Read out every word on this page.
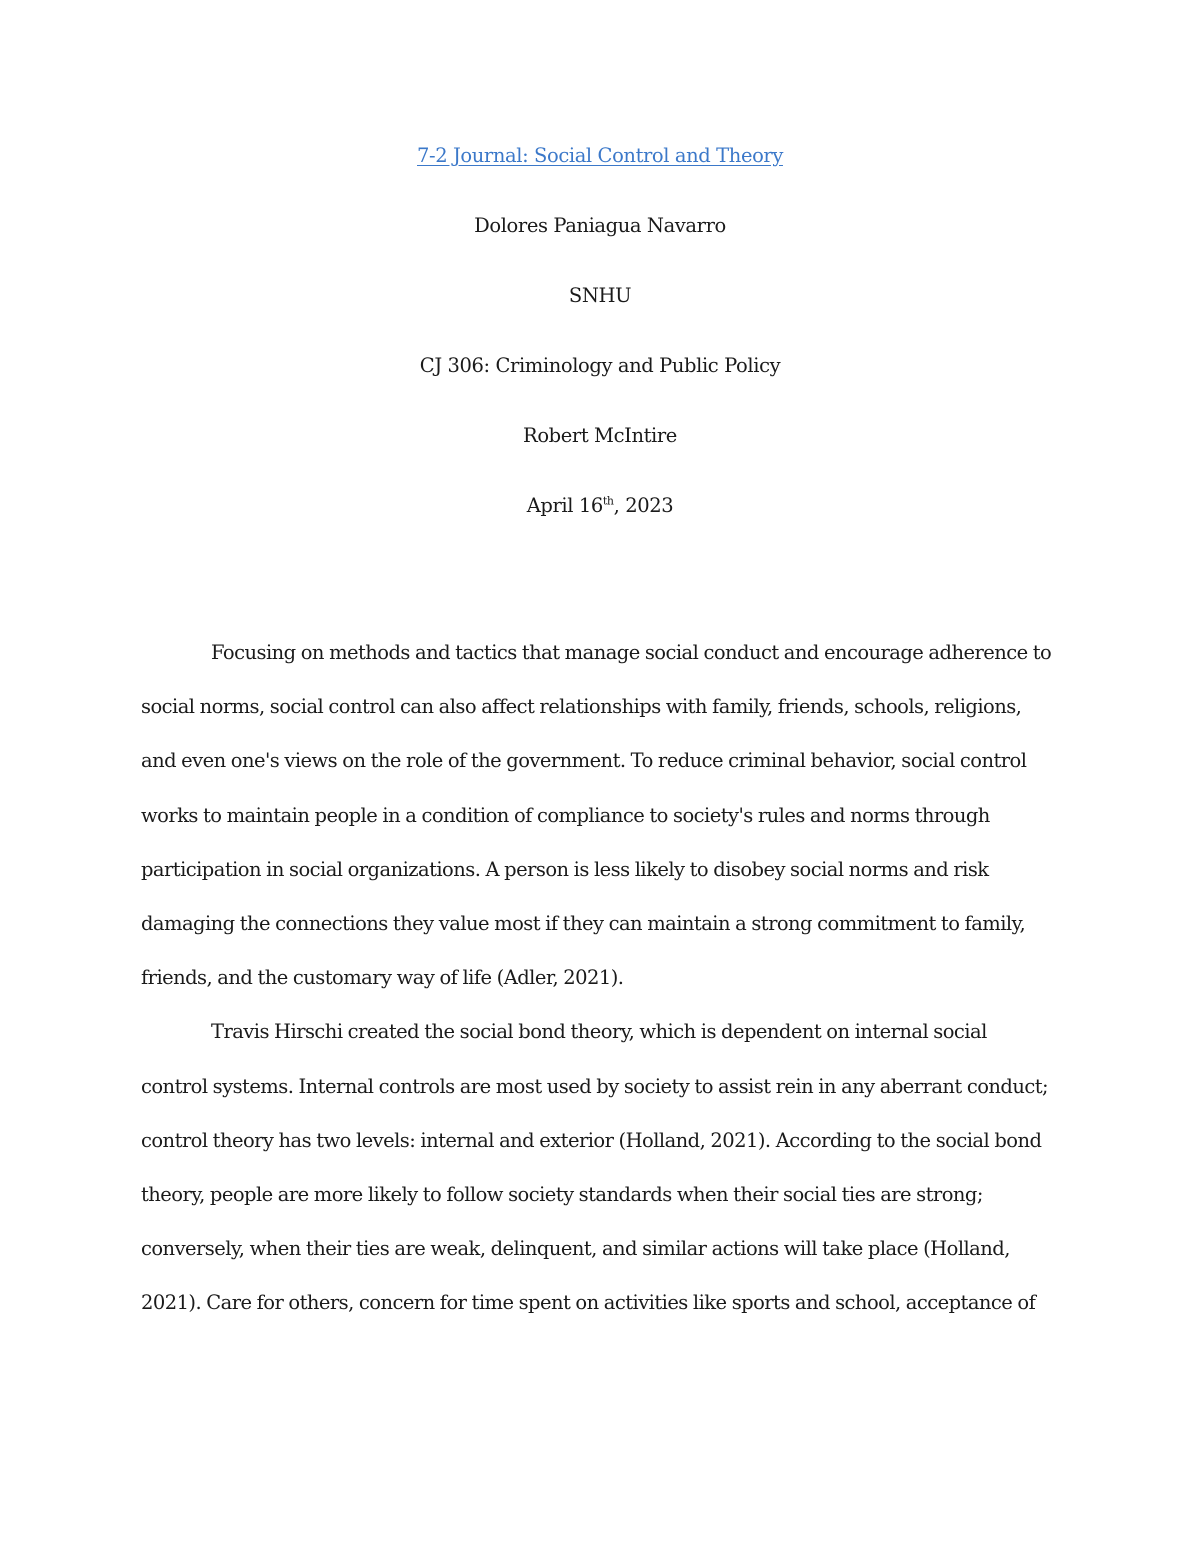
7-2 Journal: Social Control and Theory
Dolores Paniagua Navarro
SNHU
CJ 306: Criminology and Public Policy
Robert McIntire
April 16th, 2023
Focusing on methods and tactics that manage social conduct and encourage adherence to
social norms, social control can also affect relationships with family, friends, schools, religions,
and even one's views on the role of the government. To reduce criminal behavior, social control
works to maintain people in a condition of compliance to society's rules and norms through
participation in social organizations. A person is less likely to disobey social norms and risk
damaging the connections they value most if they can maintain a strong commitment to family,
friends, and the customary way of life (Adler, 2021).
Travis Hirschi created the social bond theory, which is dependent on internal social
control systems. Internal controls are most used by society to assist rein in any aberrant conduct;
control theory has two levels: internal and exterior (Holland, 2021). According to the social bond
theory, people are more likely to follow society standards when their social ties are strong;
conversely, when their ties are weak, delinquent, and similar actions will take place (Holland,
2021). Care for others, concern for time spent on activities like sports and school, acceptance of
